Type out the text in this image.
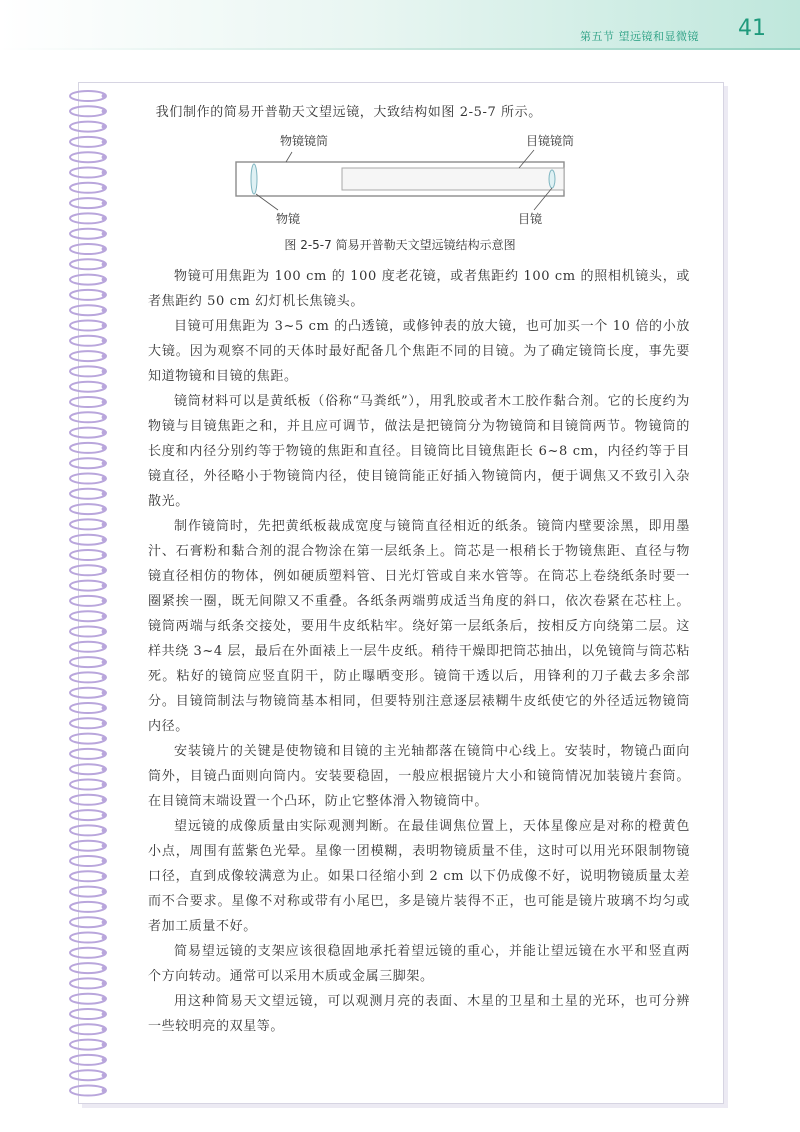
第五节 望远镜和显微镜 41

我们制作的简易开普勒天文望远镜，大致结构如图 2-5-7 所示。

物镜镜筒	目镜镜筒
物镜	目镜
图 2-5-7 简易开普勒天文望远镜结构示意图

物镜可用焦距为 100 cm 的 100 度老花镜，或者焦距约 100 cm 的照相机镜头，或者焦距约 50 cm 幻灯机长焦镜头。

目镜可用焦距为 3~5 cm 的凸透镜，或修钟表的放大镜，也可加买一个 10 倍的小放大镜。因为观察不同的天体时最好配备几个焦距不同的目镜。为了确定镜筒长度，事先要知道物镜和目镜的焦距。

镜筒材料可以是黄纸板（俗称“马粪纸”），用乳胶或者木工胶作黏合剂。它的长度约为物镜与目镜焦距之和，并且应可调节，做法是把镜筒分为物镜筒和目镜筒两节。物镜筒的长度和内径分别约等于物镜的焦距和直径。目镜筒比目镜焦距长 6~8 cm，内径约等于目镜直径，外径略小于物镜筒内径，使目镜筒能正好插入物镜筒内，便于调焦又不致引入杂散光。

制作镜筒时，先把黄纸板裁成宽度与镜筒直径相近的纸条。镜筒内壁要涂黑，即用墨汁、石膏粉和黏合剂的混合物涂在第一层纸条上。筒芯是一根稍长于物镜焦距、直径与物镜直径相仿的物体，例如硬质塑料管、日光灯管或自来水管等。在筒芯上卷绕纸条时要一圈紧挨一圈，既无间隙又不重叠。各纸条两端剪成适当角度的斜口，依次卷紧在芯柱上。镜筒两端与纸条交接处，要用牛皮纸粘牢。绕好第一层纸条后，按相反方向绕第二层。这样共绕 3~4 层，最后在外面裱上一层牛皮纸。稍待干燥即把筒芯抽出，以免镜筒与筒芯粘死。粘好的镜筒应竖直阴干，防止曝晒变形。镜筒干透以后，用锋利的刀子截去多余部分。目镜筒制法与物镜筒基本相同，但要特别注意逐层裱糊牛皮纸使它的外径适远物镜筒内径。

安装镜片的关键是使物镜和目镜的主光轴都落在镜筒中心线上。安装时，物镜凸面向筒外，目镜凸面则向筒内。安装要稳固，一般应根据镜片大小和镜筒情况加装镜片套筒。在目镜筒末端设置一个凸环，防止它整体滑入物镜筒中。

望远镜的成像质量由实际观测判断。在最佳调焦位置上，天体星像应是对称的橙黄色小点，周围有蓝紫色光晕。星像一团模糊，表明物镜质量不佳，这时可以用光环限制物镜口径，直到成像较满意为止。如果口径缩小到 2 cm 以下仍成像不好，说明物镜质量太差而不合要求。星像不对称或带有小尾巴，多是镜片装得不正，也可能是镜片玻璃不均匀或者加工质量不好。

简易望远镜的支架应该很稳固地承托着望远镜的重心，并能让望远镜在水平和竖直两个方向转动。通常可以采用木质或金属三脚架。

用这种简易天文望远镜，可以观测月亮的表面、木星的卫星和土星的光环，也可分辨一些较明亮的双星等。
